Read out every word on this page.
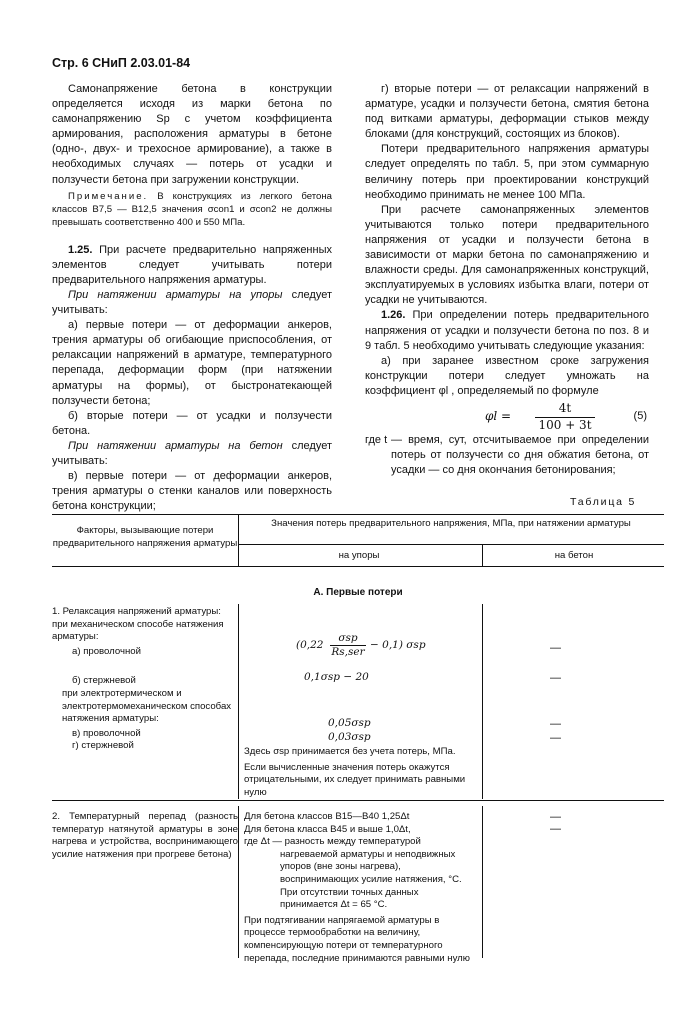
Стр. 6 СНиП 2.03.01-84

Самонапряжение бетона в конструкции определяется исходя из марки бетона по самонапряжению Sp с учетом коэффициента армирования, расположения арматуры в бетоне (одно-, двух- и трехосное армирование), а также в необходимых случаях — потерь от усадки и ползучести бетона при загружении конструкции.

Примечание. В конструкциях из легкого бетона классов В7,5 — В12,5 значения σcon1 и σcon2 не должны превышать соответственно 400 и 550 МПа.

1.25. При расчете предварительно напряженных элементов следует учитывать потери предварительного напряжения арматуры.

При натяжении арматуры на упоры следует учитывать:

а) первые потери — от деформации анкеров, трения арматуры об огибающие приспособления, от релаксации напряжений в арматуре, температурного перепада, деформации форм (при натяжении арматуры на формы), от быстронатекающей ползучести бетона;

б) вторые потери — от усадки и ползучести бетона.

При натяжении арматуры на бетон следует учитывать:

в) первые потери — от деформации анкеров, трения арматуры о стенки каналов или поверхность бетона конструкции;

г) вторые потери — от релаксации напряжений в арматуре, усадки и ползучести бетона, смятия бетона под витками арматуры, деформации стыков между блоками (для конструкций, состоящих из блоков).

Потери предварительного напряжения арматуры следует определять по табл. 5, при этом суммарную величину потерь при проектировании конструкций необходимо принимать не менее 100 МПа.

При расчете самонапряженных элементов учитываются только потери предварительного напряжения от усадки и ползучести бетона в зависимости от марки бетона по самонапряжению и влажности среды. Для самонапряженных конструкций, эксплуатируемых в условиях избытка влаги, потери от усадки не учитываются.

1.26. При определении потерь предварительного напряжения от усадки и ползучести бетона по поз. 8 и 9 табл. 5 необходимо учитывать следующие указания:

а) при заранее известном сроке загружения конструкции потери следует умножать на коэффициент φl , определяемый по формуле

$\varphi l = \frac{4t}{100 + 3t}$	(5)
где t — время, сут, отсчитываемое при определении потерь от ползучести со дня обжатия бетона, от усадки — со дня окончания бетонирования;
Таблица 5
Факторы, вызывающие потери предварительного напряжения арматуры
Значения потерь предварительного напряжения, МПа, при натяжении арматуры
на упоры	на бетон
А. Первые потери

1. Релаксация напряжений арматуры: при механическом способе натяжения арматуры:

а) проволочной

б) стержневой

при электротермическом и электротермомеханическом способах натяжения арматуры:

в) проволочной

г) стержневой

(0,22
σsp
Rs,ser
− 0,1) σsp
0,1σsp − 20
0,05σsp
0,03σsp
Здесь σsp принимается без учета потерь, МПа.
Если вычисленные значения потерь окажутся отрицательными, их следует принимать равными нулю
—
—
—
—
2. Температурный перепад (разность температур натянутой арматуры в зоне нагрева и устройства, воспринимающего усилие натяжения при прогреве бетона)

Для бетона классов В15—В40 1,25Δt

Для бетона класса В45 и выше 1,0Δt,

где Δt — разность между температурой нагреваемой арматуры и неподвижных упоров (вне зоны нагрева), воспринимающих усилие натяжения, °С.

При отсутствии точных данных принимается Δt = 65 °С.

При подтягивании напрягаемой арматуры в процессе термообработки на величину, компенсирующую потери от температурного перепада, последние принимаются равными нулю

—
—
